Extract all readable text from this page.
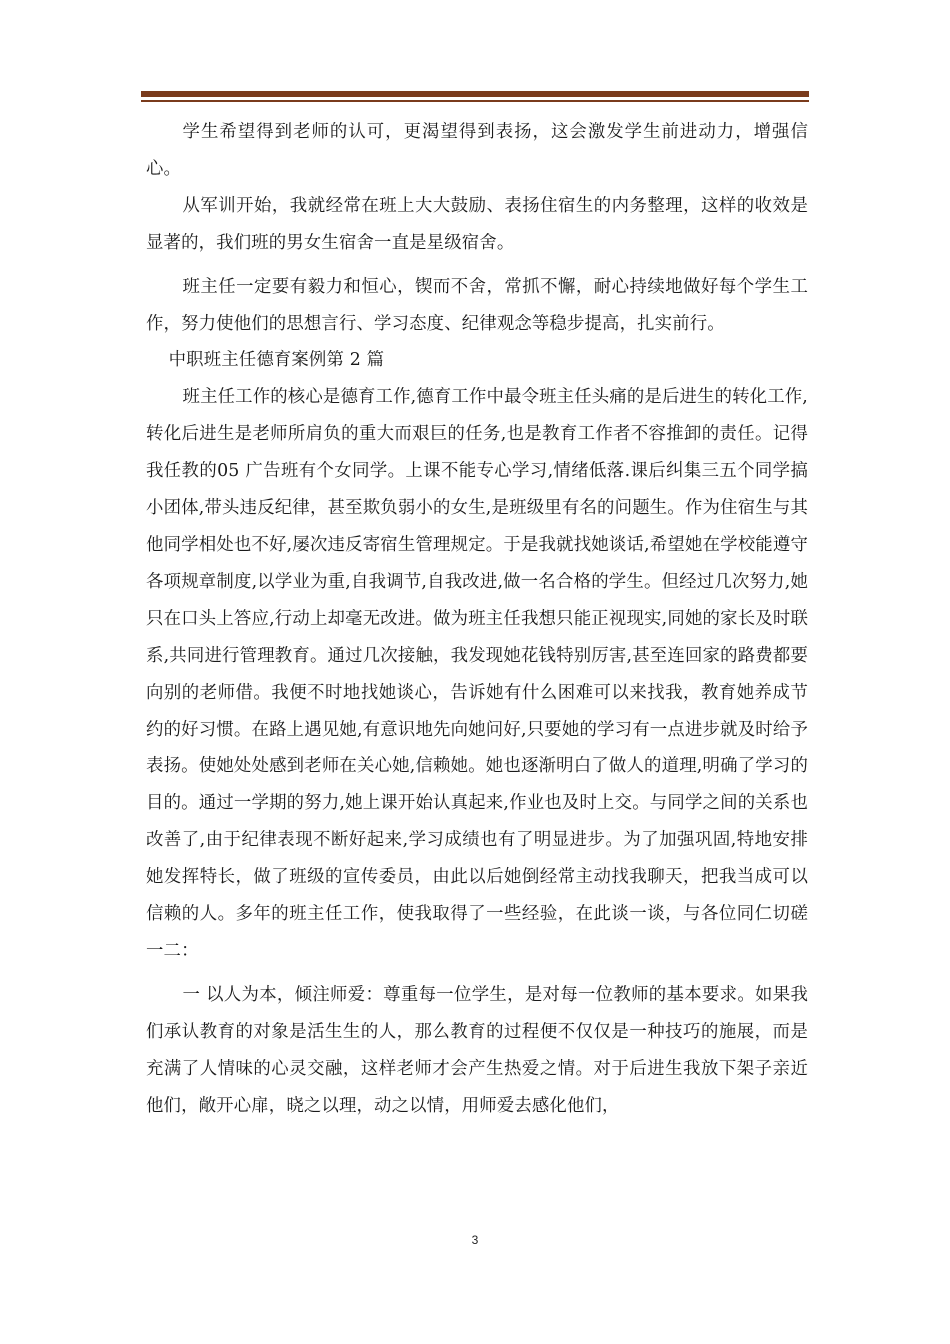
学生希望得到老师的认可，更渴望得到表扬，这会激发学生前进动力，增强信心。

从军训开始，我就经常在班上大大鼓励、表扬住宿生的内务整理，这样的收效是显著的，我们班的男女生宿舍一直是星级宿舍。

班主任一定要有毅力和恒心，锲而不舍，常抓不懈，耐心持续地做好每个学生工作，努力使他们的思想言行、学习态度、纪律观念等稳步提高，扎实前行。

中职班主任德育案例第 2 篇

班主任工作的核心是德育工作,德育工作中最令班主任头痛的是后进生的转化工作,转化后进生是老师所肩负的重大而艰巨的任务,也是教育工作者不容推卸的责任。记得我任教的05 广告班有个女同学。上课不能专心学习,情绪低落.课后纠集三五个同学搞小团体,带头违反纪律，甚至欺负弱小的女生,是班级里有名的问题生。作为住宿生与其他同学相处也不好,屡次违反寄宿生管理规定。于是我就找她谈话,希望她在学校能遵守各项规章制度,以学业为重,自我调节,自我改进,做一名合格的学生。但经过几次努力,她只在口头上答应,行动上却毫无改进。做为班主任我想只能正视现实,同她的家长及时联系,共同进行管理教育。通过几次接触，我发现她花钱特别厉害,甚至连回家的路费都要向别的老师借。我便不时地找她谈心，告诉她有什么困难可以来找我，教育她养成节约的好习惯。在路上遇见她,有意识地先向她问好,只要她的学习有一点进步就及时给予表扬。使她处处感到老师在关心她,信赖她。她也逐渐明白了做人的道理,明确了学习的目的。通过一学期的努力,她上课开始认真起来,作业也及时上交。与同学之间的关系也改善了,由于纪律表现不断好起来,学习成绩也有了明显进步。为了加强巩固,特地安排她发挥特长，做了班级的宣传委员，由此以后她倒经常主动找我聊天，把我当成可以信赖的人。多年的班主任工作，使我取得了一些经验，在此谈一谈，与各位同仁切磋一二：

一 以人为本，倾注师爱：尊重每一位学生，是对每一位教师的基本要求。如果我们承认教育的对象是活生生的人，那么教育的过程便不仅仅是一种技巧的施展，而是充满了人情味的心灵交融，这样老师才会产生热爱之情。对于后进生我放下架子亲近他们，敞开心扉，晓之以理，动之以情，用师爱去感化他们，

3
